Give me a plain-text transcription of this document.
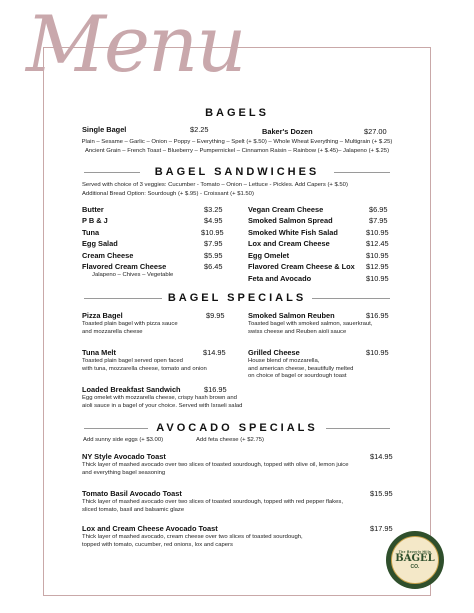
Menu
BAGELS
Single Bagel	$2.25	Baker's Dozen	$27.00
Plain – Sesame – Garlic – Onion – Poppy – Everything – Spelt (+ $.50) – Whole Wheat Everything – Multigrain (+ $.25)
Ancient Grain – French Toast – Blueberry – Pumpernickel – Cinnamon Raisin – Rainbow (+ $.45)– Jalapeno (+ $.25)
BAGEL SANDWICHES
Served with choice of 3 veggies: Cucumber - Tomato – Onion – Lettuce - Pickles. Add Capers (+ $.50)
Additional Bread Option: Sourdough (+ $.95) - Croissant (+ $1.50)
Butter	$3.25
P B & J	$4.95
Tuna	$10.95
Egg Salad	$7.95
Cream Cheese	$5.95
Flavored Cream Cheese	$6.45
Jalapeno – Chives – Vegetable
Vegan Cream Cheese	$6.95
Smoked Salmon Spread	$7.95
Smoked White Fish Salad	$10.95
Lox and Cream Cheese	$12.45
Egg Omelet	$10.95
Flavored Cream Cheese & Lox $12.95
Feta and Avocado	$10.95
BAGEL SPECIALS
Pizza Bagel	$9.95
Toasted plain bagel with pizza sauce
and mozzarella cheese
Smoked Salmon Reuben	$16.95
Toasted bagel with smoked salmon, sauerkraut,
swiss cheese and Reuben aioli sauce
Tuna Melt	$14.95
Toasted plain bagel served open faced
with tuna, mozzarella cheese, tomato and onion
Grilled Cheese	$10.95
House blend of mozzarella,
and american cheese, beautifully melted
on choice of bagel or sourdough toast
Loaded Breakfast Sandwich	$16.95
Egg omelet with mozzarella cheese, crispy hash brown and
aioli sauce in a bagel of your choice. Served with Israeli salad
AVOCADO SPECIALS
Add sunny side eggs (+ $3.00)	Add feta cheese (+ $2.75)
NY Style Avocado Toast	$14.95
Thick layer of mashed avocado over two slices of toasted sourdough, topped with olive oil, lemon juice
and everything bagel seasoning
Tomato Basil Avocado Toast	$15.95
Thick layer of mashed avocado over two slices of toasted sourdough, topped with red pepper flakes,
sliced tomato, basil and balsamic glaze
Lox and Cream Cheese Avocado Toast	$17.95
Thick layer of mashed avocado, cream cheese over two slices of toasted sourdough,
topped with tomato, cucumber, red onions, lox and capers
The Beverly Hills
BAGEL
CO.
